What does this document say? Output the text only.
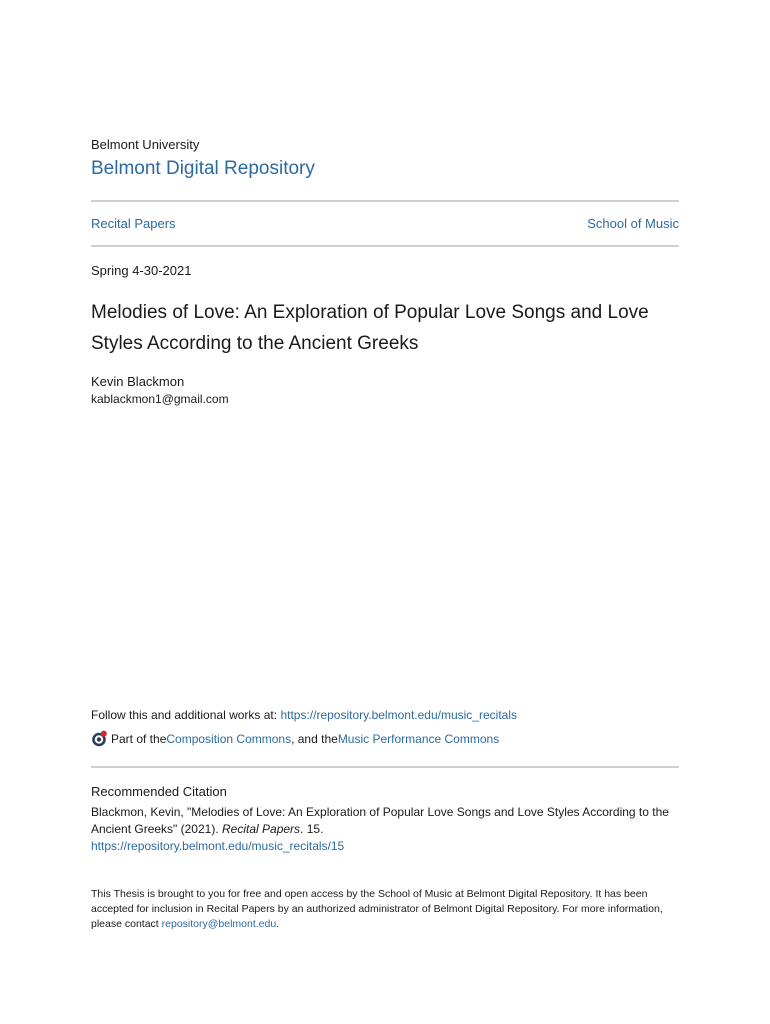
Belmont University
Belmont Digital Repository
Recital Papers	School of Music
Spring 4-30-2021
Melodies of Love: An Exploration of Popular Love Songs and Love Styles According to the Ancient Greeks
Kevin Blackmon
kablackmon1@gmail.com
Follow this and additional works at: https://repository.belmont.edu/music_recitals
Part of the Composition Commons , and the Music Performance Commons
Recommended Citation
Blackmon, Kevin, "Melodies of Love: An Exploration of Popular Love Songs and Love Styles According to the Ancient Greeks" (2021). Recital Papers. 15.
https://repository.belmont.edu/music_recitals/15
This Thesis is brought to you for free and open access by the School of Music at Belmont Digital Repository. It has been accepted for inclusion in Recital Papers by an authorized administrator of Belmont Digital Repository. For more information, please contact repository@belmont.edu.
